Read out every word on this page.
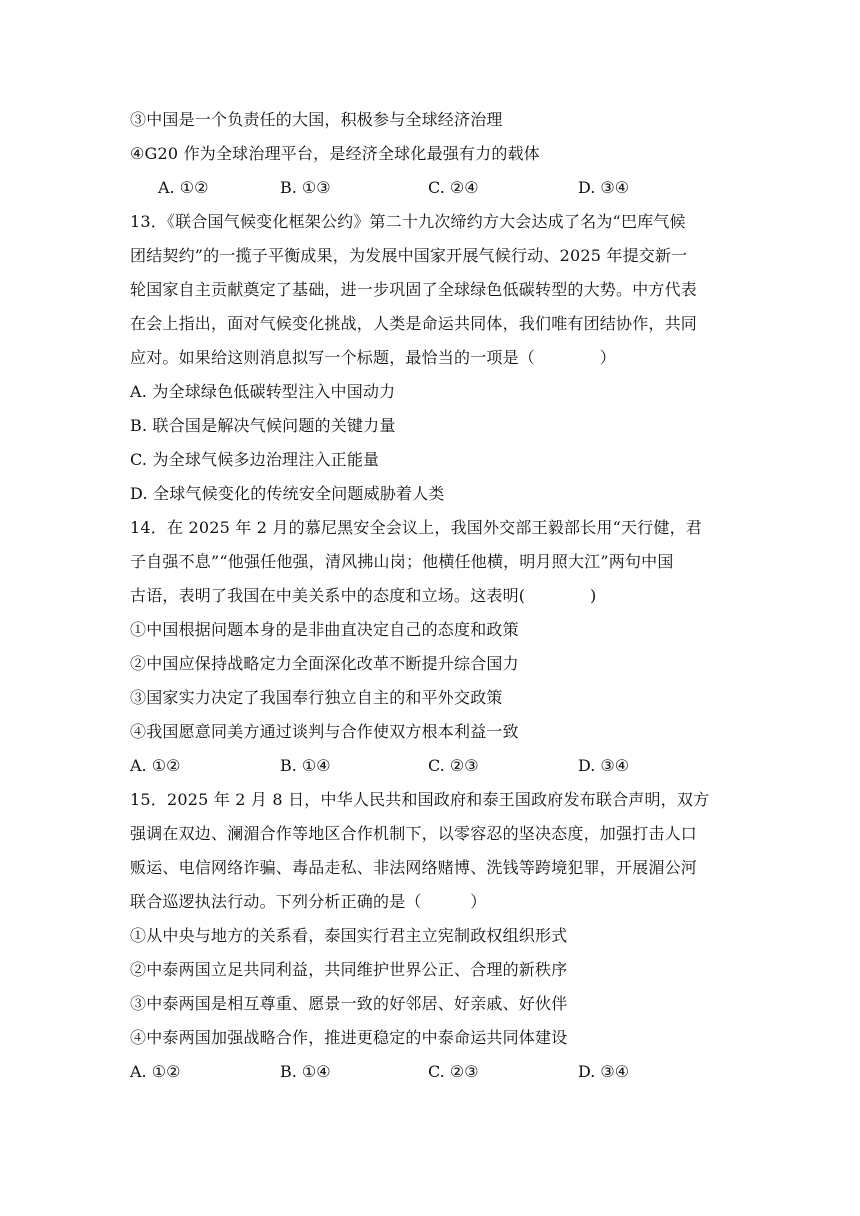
③中国是一个负责任的大国，积极参与全球经济治理
④G20 作为全球治理平台，是经济全球化最强有力的载体
A. ①②	B. ①③	C. ②④	D. ③④
13．《联合国气候变化框架公约》第二十九次缔约方大会达成了名为“巴库气候
团结契约”的一揽子平衡成果，为发展中国家开展气候行动、2025 年提交新一
轮国家自主贡献奠定了基础，进一步巩固了全球绿色低碳转型的大势。中方代表
在会上指出，面对气候变化挑战，人类是命运共同体，我们唯有团结协作，共同
应对。如果给这则消息拟写一个标题，最恰当的一项是（　　　　）
A. 为全球绿色低碳转型注入中国动力
B. 联合国是解决气候问题的关键力量
C. 为全球气候多边治理注入正能量
D. 全球气候变化的传统安全问题威胁着人类
14．在 2025 年 2 月的慕尼黑安全会议上，我国外交部王毅部长用“天行健，君
子自强不息”“他强任他强，清风拂山岗；他横任他横，明月照大江”两句中国
古语，表明了我国在中美关系中的态度和立场。这表明(　　　　)
①中国根据问题本身的是非曲直决定自己的态度和政策
②中国应保持战略定力全面深化改革不断提升综合国力
③国家实力决定了我国奉行独立自主的和平外交政策
④我国愿意同美方通过谈判与合作使双方根本利益一致
A. ①②	B. ①④	C. ②③	D. ③④
15．2025 年 2 月 8 日，中华人民共和国政府和泰王国政府发布联合声明，双方
强调在双边、澜湄合作等地区合作机制下，以零容忍的坚决态度，加强打击人口
贩运、电信网络诈骗、毒品走私、非法网络赌博、洗钱等跨境犯罪，开展湄公河
联合巡逻执法行动。下列分析正确的是（　　　）
①从中央与地方的关系看，泰国实行君主立宪制政权组织形式
②中泰两国立足共同利益，共同维护世界公正、合理的新秩序
③中泰两国是相互尊重、愿景一致的好邻居、好亲戚、好伙伴
④中泰两国加强战略合作，推进更稳定的中泰命运共同体建设
A. ①②	B. ①④	C. ②③	D. ③④
